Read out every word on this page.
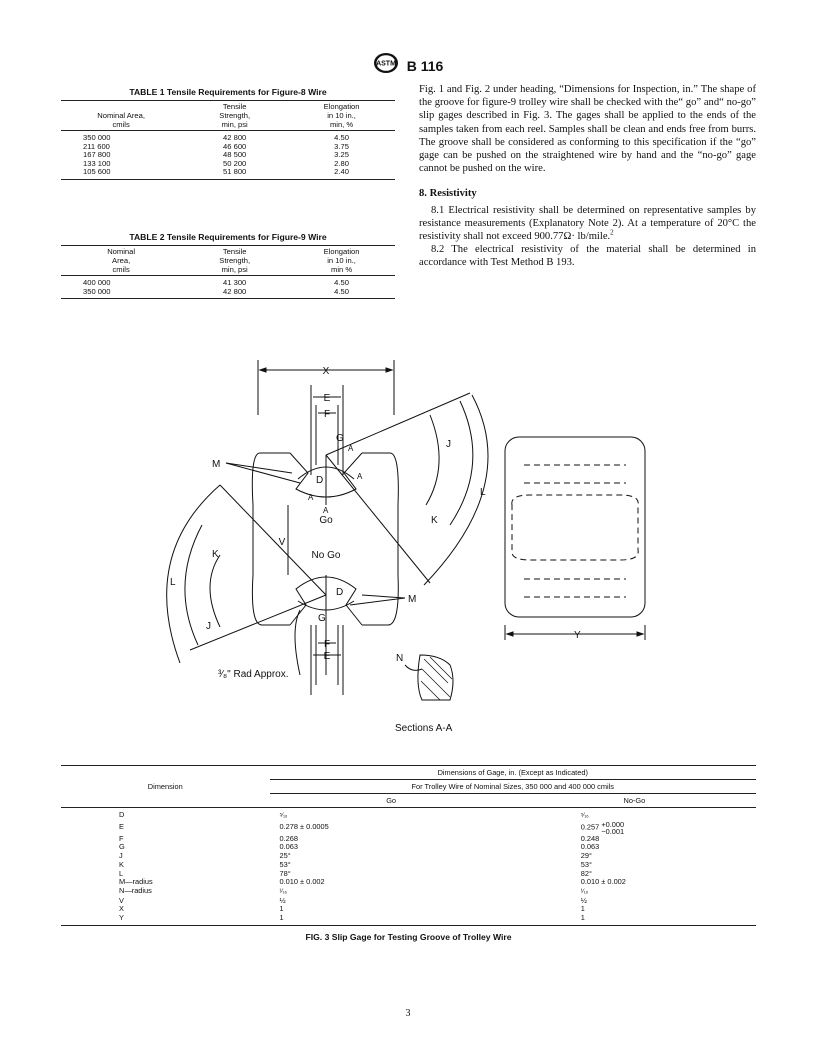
ASTM B 116
TABLE 1 Tensile Requirements for Figure-8 Wire
Nominal Area,
cmils	Tensile
Strength,
min, psi	Elongation
in 10 in.,
min, %
350 000	42 800	4.50
211 600	46 600	3.75
167 800	48 500	3.25
133 100	50 200	2.80
105 600	51 800	2.40
TABLE 2 Tensile Requirements for Figure-9 Wire
Nominal
Area,
cmils	Tensile
Strength,
min, psi	Elongation
in 10 in.,
min %
400 000	41 300	4.50
350 000	42 800	4.50

Fig. 1 and Fig. 2 under heading, “Dimensions for Inspection, in.” The shape of the groove for figure-9 trolley wire shall be checked with the“ go” and“ no-go” slip gages described in Fig. 3. The gages shall be applied to the ends of the samples taken from each reel. Samples shall be clean and ends free from burrs. The groove shall be considered as conforming to this specification if the “go” gage can be pushed on the straightened wire by hand and the “no-go” gage cannot be pushed on the wire.

8. Resistivity

8.1 Electrical resistivity shall be determined on representative samples by resistance measurements (Explanatory Note 2). At a temperature of 20°C the resistivity shall not exceed 900.77Ω· lb/mile.$^2$

8.2 The electrical resistivity of the material shall be determined in accordance with Test Method B 193.

X
E
F
G
Go
No Go
V
E
F
G
J
K
L
J
K
L
M
M
D
D
A
A
A
A
³⁄₈" Rad Approx.
Y
N
Sections A-A
Dimension	Dimensions of Gage, in. (Except as Indicated)	
	For Trolley Wire of Nominal Sizes, 350 000 and 400 000 cmils	
	Go	No-Go
D	⁵⁄₁₆	⁵⁄₁₆
E	0.278 ± 0.0005	0.257 +0.000
−0.001
F	0.268	0.248
G	0.063	0.063
J	25°	29°
K	53°	53°
L	78°	82°
M—radius	0.010 ± 0.002	0.010 ± 0.002
N—radius	¹⁄₁₆	¹⁄₁₆
V	½	½
X	1	1
Y	1	1
FIG. 3 Slip Gage for Testing Groove of Trolley Wire
3
